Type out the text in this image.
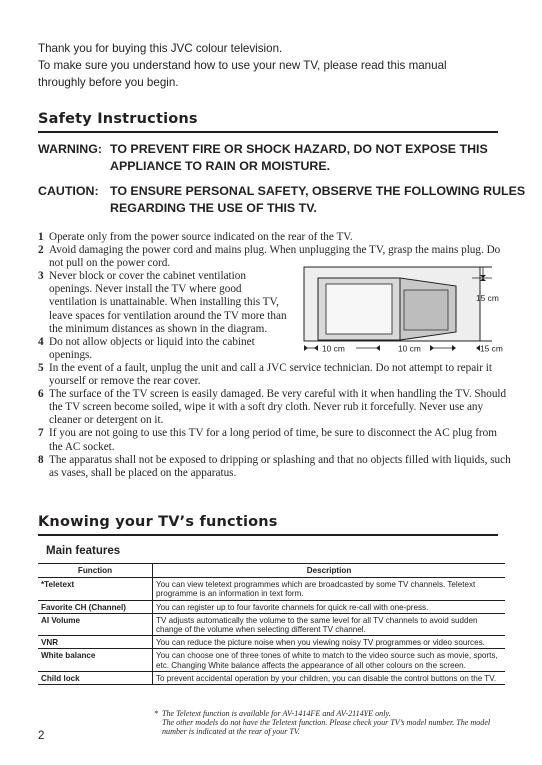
Thank you for buying this JVC colour television.
To make sure you understand how to use your new TV, please read this manual
throughly before you begin.
Safety Instructions
WARNING: TO PREVENT FIRE OR SHOCK HAZARD, DO NOT EXPOSE THIS APPLIANCE TO RAIN OR MOISTURE.
CAUTION: TO ENSURE PERSONAL SAFETY, OBSERVE THE FOLLOWING RULES REGARDING THE USE OF THIS TV.
1 Operate only from the power source indicated on the rear of the TV.
2 Avoid damaging the power cord and mains plug. When unplugging the TV, grasp the mains plug. Do not pull on the power cord.
3 Never block or cover the cabinet ventilation openings. Never install the TV where good ventilation is unattainable. When installing this TV, leave spaces for ventilation around the TV more than the minimum distances as shown in the diagram.
4 Do not allow objects or liquid into the cabinet openings.
5 In the event of a fault, unplug the unit and call a JVC service technician. Do not attempt to repair it yourself or remove the rear cover.
6 The surface of the TV screen is easily damaged. Be very careful with it when handling the TV. Should the TV screen become soiled, wipe it with a soft dry cloth. Never rub it forcefully. Never use any cleaner or detergent on it.
7 If you are not going to use this TV for a long period of time, be sure to disconnect the AC plug from the AC socket.
8 The apparatus shall not be exposed to dripping or splashing and that no objects filled with liquids, such as vases, shall be placed on the apparatus.
10 cm	10 cm	15 cm
15 cm
Knowing your TV’s functions
Main features
Function	Description
*Teletext	You can view teletext programmes which are broadcasted by some TV channels. Teletext programme is an information in text form.
Favorite CH (Channel)	You can register up to four favorite channels for quick re-call with one-press.
AI Volume	TV adjusts automatically the volume to the same level for all TV channels to avoid sudden change of the volume when selecting different TV channel.
VNR	You can reduce the picture noise when you viewing noisy TV programmes or video sources.
White balance	You can choose one of three tones of white to match to the video source such as movie, sports, etc. Changing White balance affects the appearance of all other colours on the screen.
Child lock	To prevent accidental operation by your children, you can disable the control buttons on the TV.
* The Teletext function is available for AV-1414FE and AV-2114YE only.
The other models do not have the Teletext function. Please check your TV’s model number. The model number is indicated at the rear of your TV.
2
